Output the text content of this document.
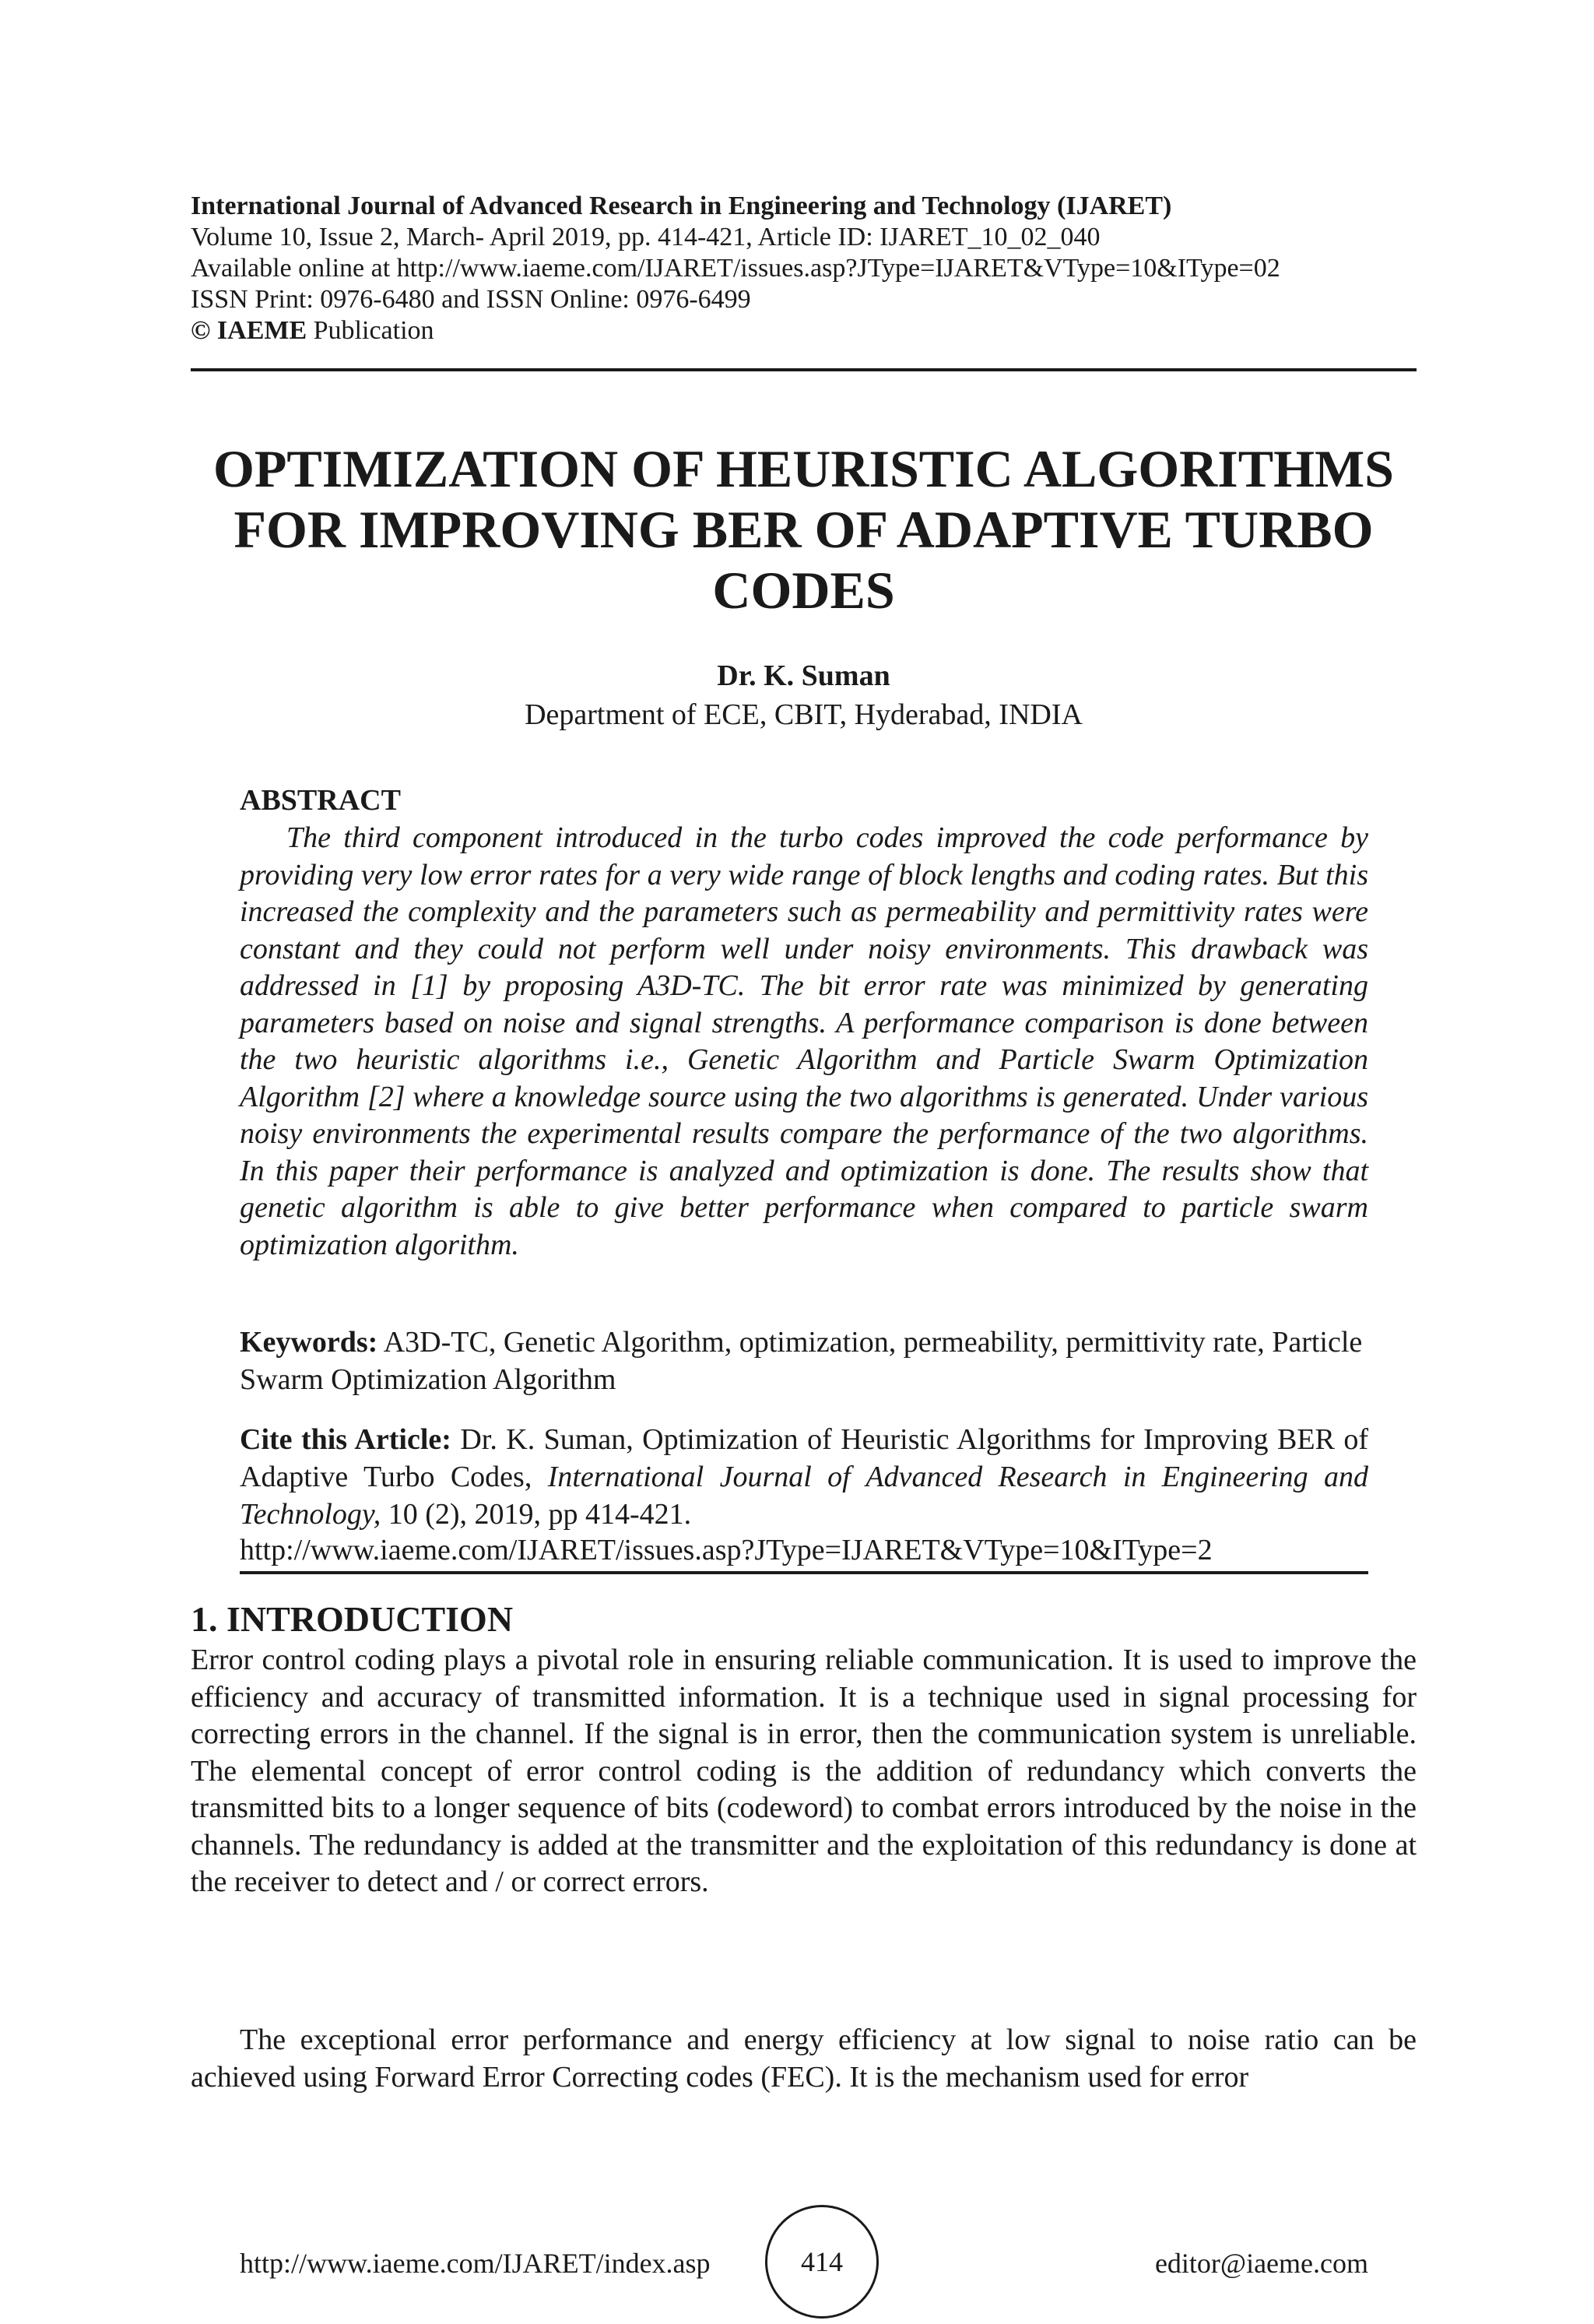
International Journal of Advanced Research in Engineering and Technology (IJARET)
Volume 10, Issue 2, March- April 2019, pp. 414-421, Article ID: IJARET_10_02_040
Available online at http://www.iaeme.com/IJARET/issues.asp?JType=IJARET&VType=10&IType=02
ISSN Print: 0976-6480 and ISSN Online: 0976-6499
© IAEME Publication
OPTIMIZATION OF HEURISTIC ALGORITHMS
FOR IMPROVING BER OF ADAPTIVE TURBO
CODES
Dr. K. Suman
Department of ECE, CBIT, Hyderabad, INDIA
ABSTRACT
The third component introduced in the turbo codes improved the code performance by providing very low error rates for a very wide range of block lengths and coding rates. But this increased the complexity and the parameters such as permeability and permittivity rates were constant and they could not perform well under noisy environments. This drawback was addressed in [1] by proposing A3D-TC. The bit error rate was minimized by generating parameters based on noise and signal strengths. A performance comparison is done between the two heuristic algorithms i.e., Genetic Algorithm and Particle Swarm Optimization Algorithm [2] where a knowledge source using the two algorithms is generated. Under various noisy environments the experimental results compare the performance of the two algorithms. In this paper their performance is analyzed and optimization is done. The results show that genetic algorithm is able to give better performance when compared to particle swarm optimization algorithm.
Keywords: A3D-TC, Genetic Algorithm, optimization, permeability, permittivity rate, Particle Swarm Optimization Algorithm
Cite this Article: Dr. K. Suman, Optimization of Heuristic Algorithms for Improving BER of Adaptive Turbo Codes, International Journal of Advanced Research in Engineering and Technology, 10 (2), 2019, pp 414-421.
http://www.iaeme.com/IJARET/issues.asp?JType=IJARET&VType=10&IType=2
1. INTRODUCTION
Error control coding plays a pivotal role in ensuring reliable communication. It is used to improve the efficiency and accuracy of transmitted information. It is a technique used in signal processing for correcting errors in the channel. If the signal is in error, then the communication system is unreliable. The elemental concept of error control coding is the addition of redundancy which converts the transmitted bits to a longer sequence of bits (codeword) to combat errors introduced by the noise in the channels. The redundancy is added at the transmitter and the exploitation of this redundancy is done at the receiver to detect and / or correct errors.
The exceptional error performance and energy efficiency at low signal to noise ratio can be achieved using Forward Error Correcting codes (FEC). It is the mechanism used for error
http://www.iaeme.com/IJARET/index.asp	414	editor@iaeme.com
